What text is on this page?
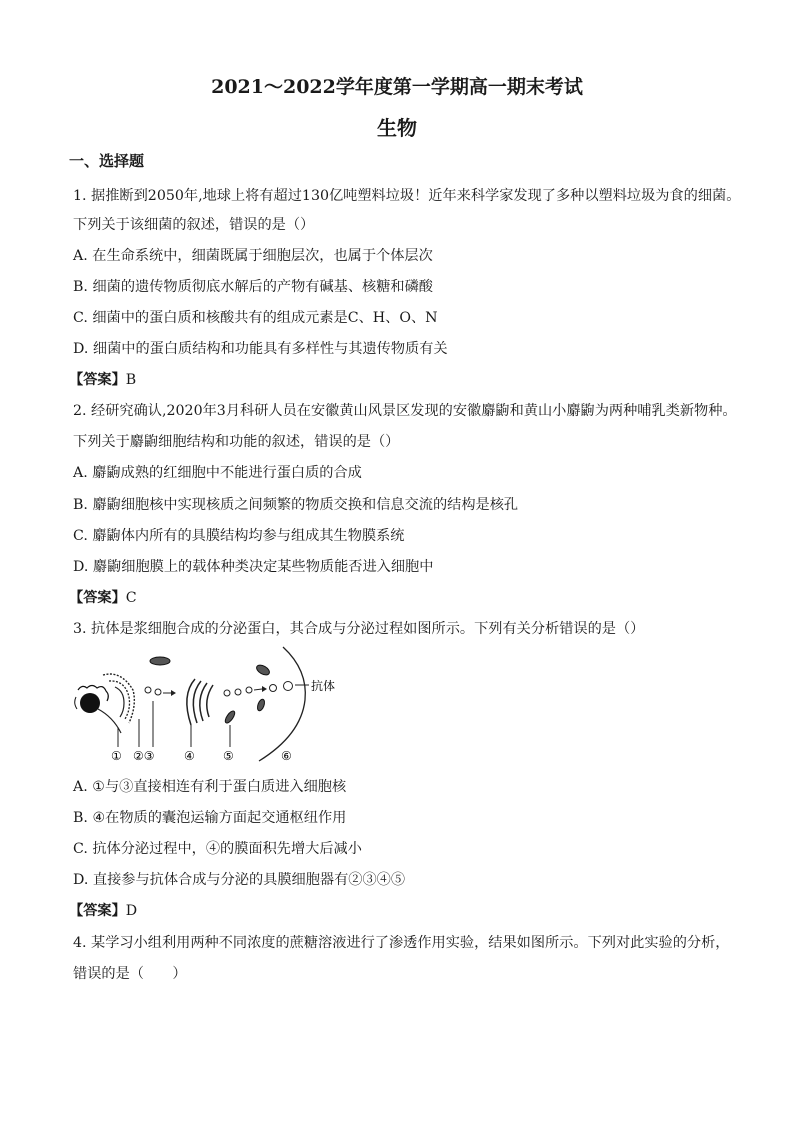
2021～2022学年度第一学期高一期末考试
生物

一、选择题

1. 据推断到2050年,地球上将有超过130亿吨塑料垃圾！近年来科学家发现了多种以塑料垃圾为食的细菌。

下列关于该细菌的叙述，错误的是（）

A. 在生命系统中，细菌既属于细胞层次，也属于个体层次

B. 细菌的遗传物质彻底水解后的产物有碱基、核糖和磷酸

C. 细菌中的蛋白质和核酸共有的组成元素是C、H、O、N

D. 细菌中的蛋白质结构和功能具有多样性与其遗传物质有关

【答案】B

2. 经研究确认,2020年3月科研人员在安徽黄山风景区发现的安徽麝鼩和黄山小麝鼩为两种哺乳类新物种。

下列关于麝鼩细胞结构和功能的叙述，错误的是（）

A. 麝鼩成熟的红细胞中不能进行蛋白质的合成

B. 麝鼩细胞核中实现核质之间频繁的物质交换和信息交流的结构是核孔

C. 麝鼩体内所有的具膜结构均参与组成其生物膜系统

D. 麝鼩细胞膜上的载体种类决定某些物质能否进入细胞中

【答案】C

3. 抗体是浆细胞合成的分泌蛋白，其合成与分泌过程如图所示。下列有关分析错误的是（）

抗体
① ②③ ④ ⑤	⑥

A. ①与③直接相连有利于蛋白质进入细胞核

B. ④在物质的囊泡运输方面起交通枢纽作用

C. 抗体分泌过程中，④的膜面积先增大后减小

D. 直接参与抗体合成与分泌的具膜细胞器有②③④⑤

【答案】D

4. 某学习小组利用两种不同浓度的蔗糖溶液进行了渗透作用实验，结果如图所示。下列对此实验的分析，

错误的是（　　）
